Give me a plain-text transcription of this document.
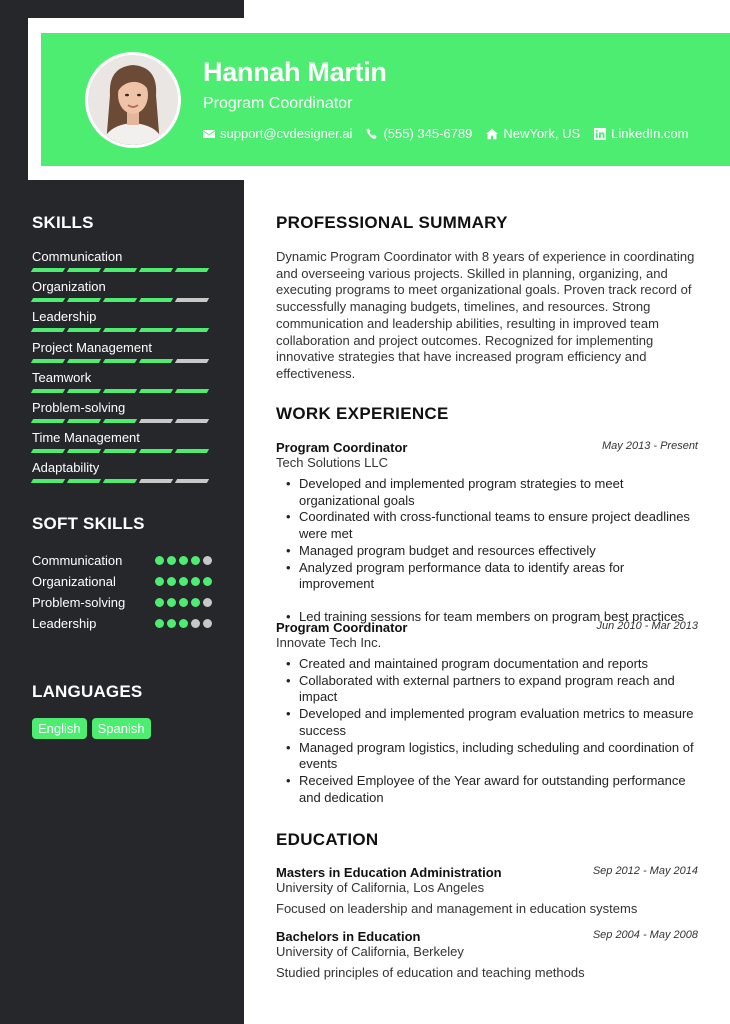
Hannah Martin
Program Coordinator
support@cvdesigner.ai (555) 345-6789 NewYork, US LinkedIn.com
SKILLS
Communication
Organization
Leadership
Project Management
Teamwork
Problem-solving
Time Management
Adaptability
SOFT SKILLS
Communication
Organizational
Problem-solving
Leadership
LANGUAGES
English	Spanish
PROFESSIONAL SUMMARY
Dynamic Program Coordinator with 8 years of experience in coordinating and overseeing various projects. Skilled in planning, organizing, and executing programs to meet organizational goals. Proven track record of successfully managing budgets, timelines, and resources. Strong communication and leadership abilities, resulting in improved team collaboration and project outcomes. Recognized for implementing innovative strategies that have increased program efficiency and effectiveness.
WORK EXPERIENCE
May 2013 - Present
Program Coordinator
Tech Solutions LLC
• Developed and implemented program strategies to meet organizational goals
• Coordinated with cross-functional teams to ensure project deadlines were met
• Managed program budget and resources effectively
• Analyzed program performance data to identify areas for improvement
• Led training sessions for team members on program best practices
Jun 2010 - Mar 2013
Program Coordinator
Innovate Tech Inc.
• Created and maintained program documentation and reports
• Collaborated with external partners to expand program reach and impact
• Developed and implemented program evaluation metrics to measure success
• Managed program logistics, including scheduling and coordination of events
• Received Employee of the Year award for outstanding performance and dedication
EDUCATION
Sep 2012 - May 2014
Masters in Education Administration
University of California, Los Angeles
Focused on leadership and management in education systems
Sep 2004 - May 2008
Bachelors in Education
University of California, Berkeley
Studied principles of education and teaching methods
